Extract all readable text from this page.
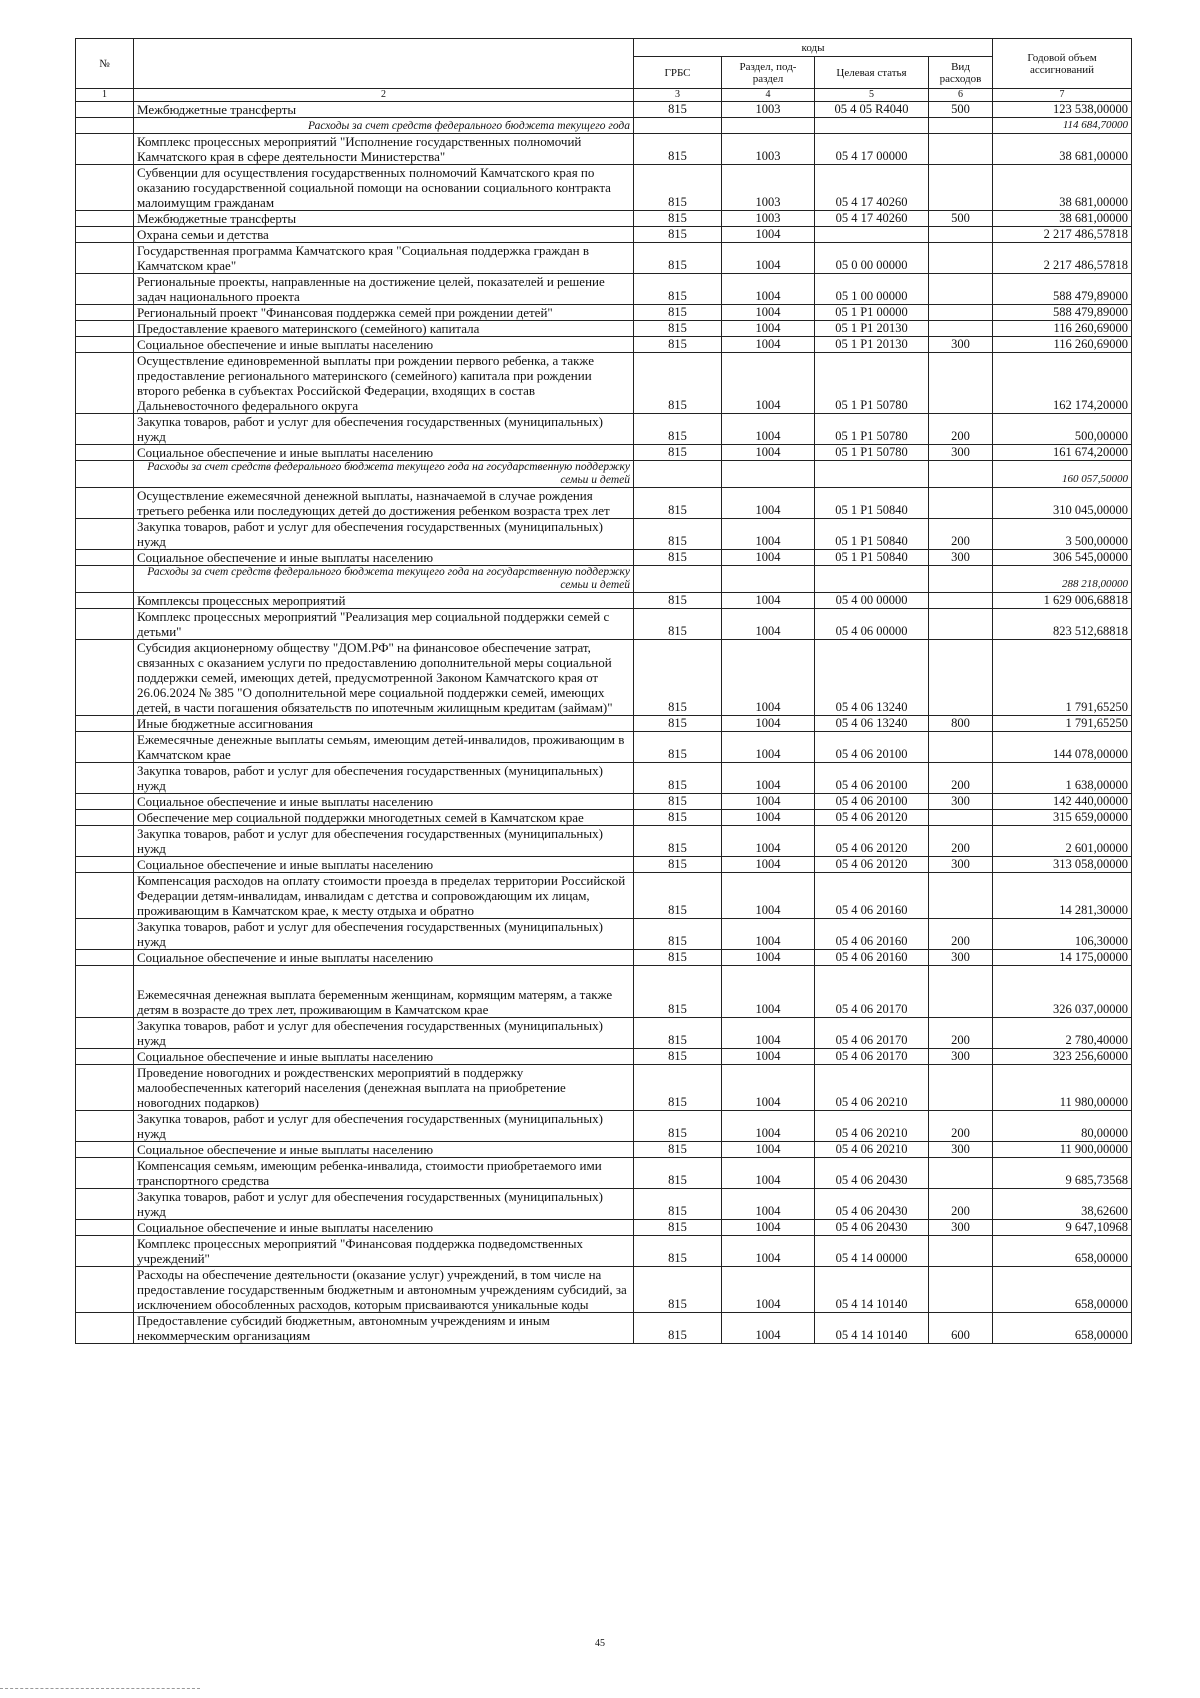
№		коды				Годовой объем ассигнований
		ГРБС	Раздел, под-раздел	Целевая статья	Вид расходов	
1	2	3	4	5	6	7
	Межбюджетные трансферты	815	1003	05 4 05 R4040	500	123 538,00000
	Расходы за счет средств федерального бюджета текущего года					114 684,70000
	Комплекс процессных мероприятий "Исполнение государственных полномочий Камчатского края в сфере деятельности Министерства"	815	1003	05 4 17 00000		38 681,00000
	Субвенции для осуществления государственных полномочий Камчатского края по оказанию государственной социальной помощи на основании социального контракта малоимущим гражданам	815	1003	05 4 17 40260		38 681,00000
	Межбюджетные трансферты	815	1003	05 4 17 40260	500	38 681,00000
	Охрана семьи и детства	815	1004			2 217 486,57818
	Государственная программа Камчатского края "Социальная поддержка граждан в Камчатском крае"	815	1004	05 0 00 00000		2 217 486,57818
	Региональные проекты, направленные на достижение целей, показателей и решение задач национального проекта	815	1004	05 1 00 00000		588 479,89000
	Региональный проект "Финансовая поддержка семей при рождении детей"	815	1004	05 1 P1 00000		588 479,89000
	Предоставление краевого материнского (семейного) капитала	815	1004	05 1 P1 20130		116 260,69000
	Социальное обеспечение и иные выплаты населению	815	1004	05 1 P1 20130	300	116 260,69000
	Осуществление единовременной выплаты при рождении первого ребенка, а также предоставление регионального материнского (семейного) капитала при рождении второго ребенка в субъектах Российской Федерации, входящих в состав Дальневосточного федерального округа	815	1004	05 1 P1 50780		162 174,20000
	Закупка товаров, работ и услуг для обеспечения государственных (муниципальных) нужд	815	1004	05 1 P1 50780	200	500,00000
	Социальное обеспечение и иные выплаты населению	815	1004	05 1 P1 50780	300	161 674,20000
	Расходы за счет средств федерального бюджета текущего года на государственную поддержку семьи и детей					160 057,50000
	Осуществление ежемесячной денежной выплаты, назначаемой в случае рождения третьего ребенка или последующих детей до достижения ребенком возраста трех лет	815	1004	05 1 P1 50840		310 045,00000
	Закупка товаров, работ и услуг для обеспечения государственных (муниципальных) нужд	815	1004	05 1 P1 50840	200	3 500,00000
	Социальное обеспечение и иные выплаты населению	815	1004	05 1 P1 50840	300	306 545,00000
	Расходы за счет средств федерального бюджета текущего года на государственную поддержку семьи и детей					288 218,00000
	Комплексы процессных мероприятий	815	1004	05 4 00 00000		1 629 006,68818
	Комплекс процессных мероприятий "Реализация мер социальной поддержки семей с детьми"	815	1004	05 4 06 00000		823 512,68818
	Субсидия акционерному обществу "ДОМ.РФ" на финансовое обеспечение затрат, связанных с оказанием услуги по предоставлению дополнительной меры социальной поддержки семей, имеющих детей, предусмотренной Законом Камчатского края от 26.06.2024 № 385 "О дополнительной мере социальной поддержки семей, имеющих детей, в части погашения обязательств по ипотечным жилищным кредитам (займам)"	815	1004	05 4 06 13240		1 791,65250
	Иные бюджетные ассигнования	815	1004	05 4 06 13240	800	1 791,65250
	Ежемесячные денежные выплаты семьям, имеющим детей-инвалидов, проживающим в Камчатском крае	815	1004	05 4 06 20100		144 078,00000
	Закупка товаров, работ и услуг для обеспечения государственных (муниципальных) нужд	815	1004	05 4 06 20100	200	1 638,00000
	Социальное обеспечение и иные выплаты населению	815	1004	05 4 06 20100	300	142 440,00000
	Обеспечение мер социальной поддержки многодетных семей в Камчатском крае	815	1004	05 4 06 20120		315 659,00000
	Закупка товаров, работ и услуг для обеспечения государственных (муниципальных) нужд	815	1004	05 4 06 20120	200	2 601,00000
	Социальное обеспечение и иные выплаты населению	815	1004	05 4 06 20120	300	313 058,00000
	Компенсация расходов на оплату стоимости проезда в пределах территории Российской Федерации детям-инвалидам, инвалидам с детства и сопровождающим их лицам, проживающим в Камчатском крае, к месту отдыха и обратно	815	1004	05 4 06 20160		14 281,30000
	Закупка товаров, работ и услуг для обеспечения государственных (муниципальных) нужд	815	1004	05 4 06 20160	200	106,30000
	Социальное обеспечение и иные выплаты населению	815	1004	05 4 06 20160	300	14 175,00000
	Ежемесячная денежная выплата беременным женщинам, кормящим матерям, а также детям в возрасте до трех лет, проживающим в Камчатском крае	815	1004	05 4 06 20170		326 037,00000
	Закупка товаров, работ и услуг для обеспечения государственных (муниципальных) нужд	815	1004	05 4 06 20170	200	2 780,40000
	Социальное обеспечение и иные выплаты населению	815	1004	05 4 06 20170	300	323 256,60000
	Проведение новогодних и рождественских мероприятий в поддержку малообеспеченных категорий населения (денежная выплата на приобретение новогодних подарков)	815	1004	05 4 06 20210		11 980,00000
	Закупка товаров, работ и услуг для обеспечения государственных (муниципальных) нужд	815	1004	05 4 06 20210	200	80,00000
	Социальное обеспечение и иные выплаты населению	815	1004	05 4 06 20210	300	11 900,00000
	Компенсация семьям, имеющим ребенка-инвалида, стоимости приобретаемого ими транспортного средства	815	1004	05 4 06 20430		9 685,73568
	Закупка товаров, работ и услуг для обеспечения государственных (муниципальных) нужд	815	1004	05 4 06 20430	200	38,62600
	Социальное обеспечение и иные выплаты населению	815	1004	05 4 06 20430	300	9 647,10968
	Комплекс процессных мероприятий "Финансовая поддержка подведомственных учреждений"	815	1004	05 4 14 00000		658,00000
	Расходы на обеспечение деятельности (оказание услуг) учреждений, в том числе на предоставление государственным бюджетным и автономным учреждениям субсидий, за исключением обособленных расходов, которым присваиваются уникальные коды	815	1004	05 4 14 10140		658,00000
	Предоставление субсидий бюджетным, автономным учреждениям и иным некоммерческим организациям	815	1004	05 4 14 10140	600	658,00000
45
